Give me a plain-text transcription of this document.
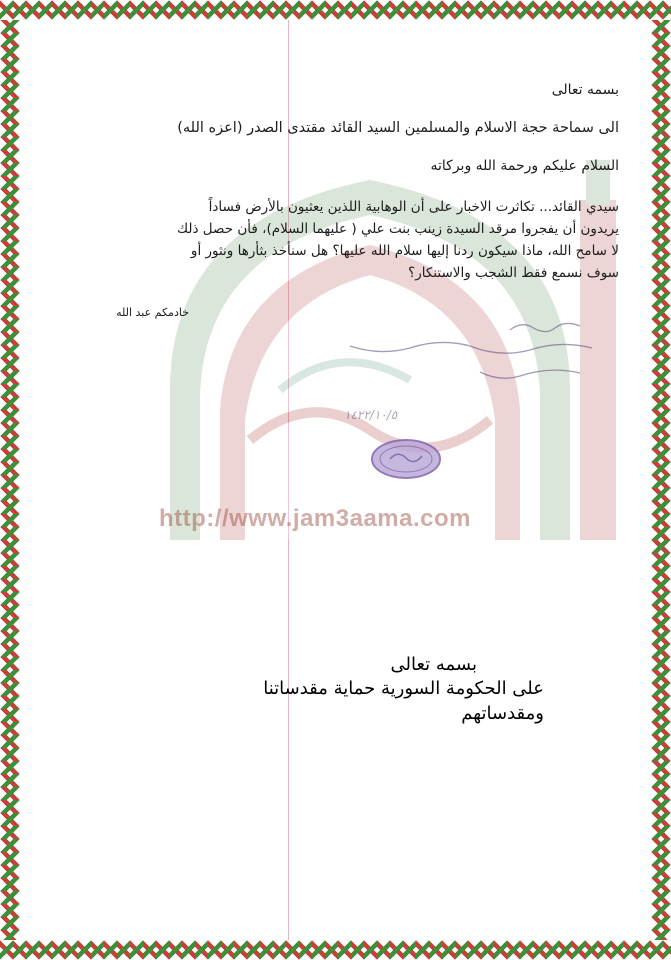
http://www.jam3aama.com
بسمه تعالى
الى سماحة حجة الاسلام والمسلمين السيد القائد مقتدى الصدر (اعزه الله)
السلام عليكم ورحمة الله وبركاته
سيدي القائد... تكاثرت الاخبار على أن الوهابية اللذين يعثيون بالأرض فساداً
يريدون أن يفجروا مرقد السيدة زينب بنت علي ( عليهما السلام)، فأن حصل ذلك
لا سامح الله، ماذا سيكون ردنا إليها سلام الله عليها؟ هل سنأخذ بثأرها ونثور أو
سوف نسمع فقط الشجب والاستنكار؟
خادمكم عبد الله
١٤٢٢/١٠/٥
بسمه تعالى
على الحكومة السورية حماية مقدساتنا
ومقدساتهم
